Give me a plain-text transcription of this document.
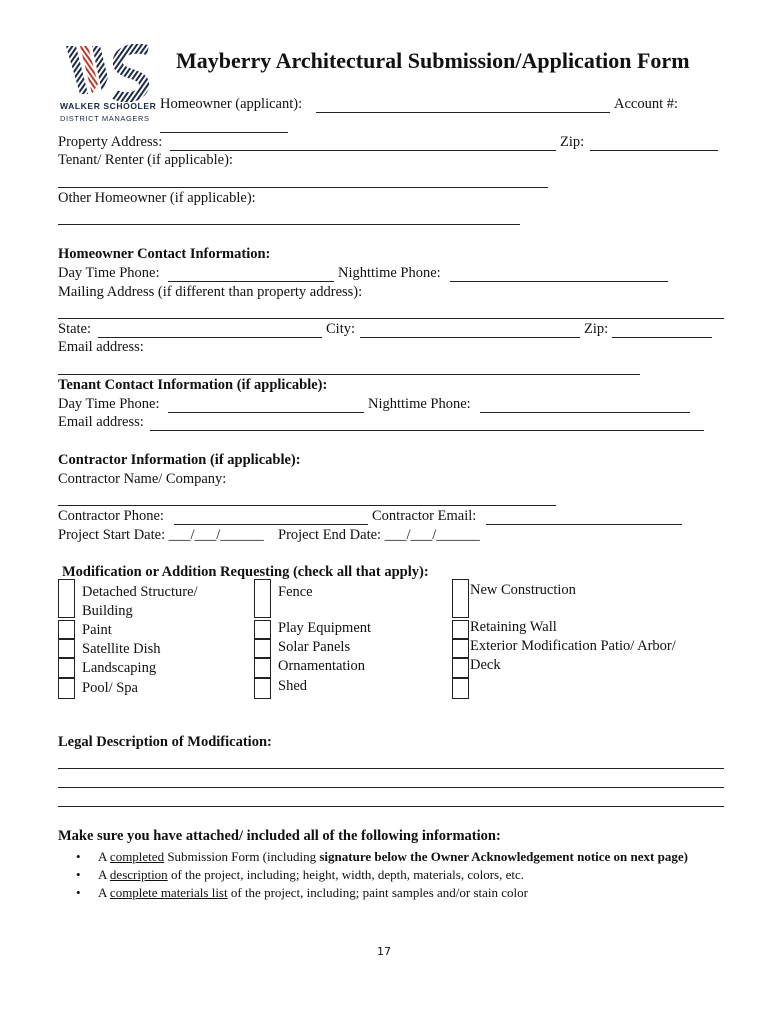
WALKER SCHOOLER
DISTRICT MANAGERS
Mayberry Architectural Submission/Application Form
Homeowner (applicant):	Account #:
Property Address:	Zip:
Tenant/ Renter (if applicable):
Other Homeowner (if applicable):
Homeowner Contact Information:
Day Time Phone:	Nighttime Phone:
Mailing Address (if different than property address):
State:	City:	Zip:
Email address:
Tenant Contact Information (if applicable):
Day Time Phone:	Nighttime Phone:
Email address:
Contractor Information (if applicable):
Contractor Name/ Company:
Contractor Phone:	Contractor Email:
Project Start Date: ___/___/______ Project End Date: ___/___/______
Modification or Addition Requesting (check all that apply):
Detached Structure/
Building
Paint
Satellite Dish
Landscaping
Pool/ Spa
Fence
Play Equipment
Solar Panels
Ornamentation
Shed
New Construction
Retaining Wall
Exterior Modification Patio/ Arbor/
Deck
Legal Description of Modification:
Make sure you have attached/ included all of the following information:
• A completed Submission Form (including signature below the Owner Acknowledgement notice on next page)
• A description of the project, including; height, width, depth, materials, colors, etc.
• A complete materials list of the project, including; paint samples and/or stain color
17
